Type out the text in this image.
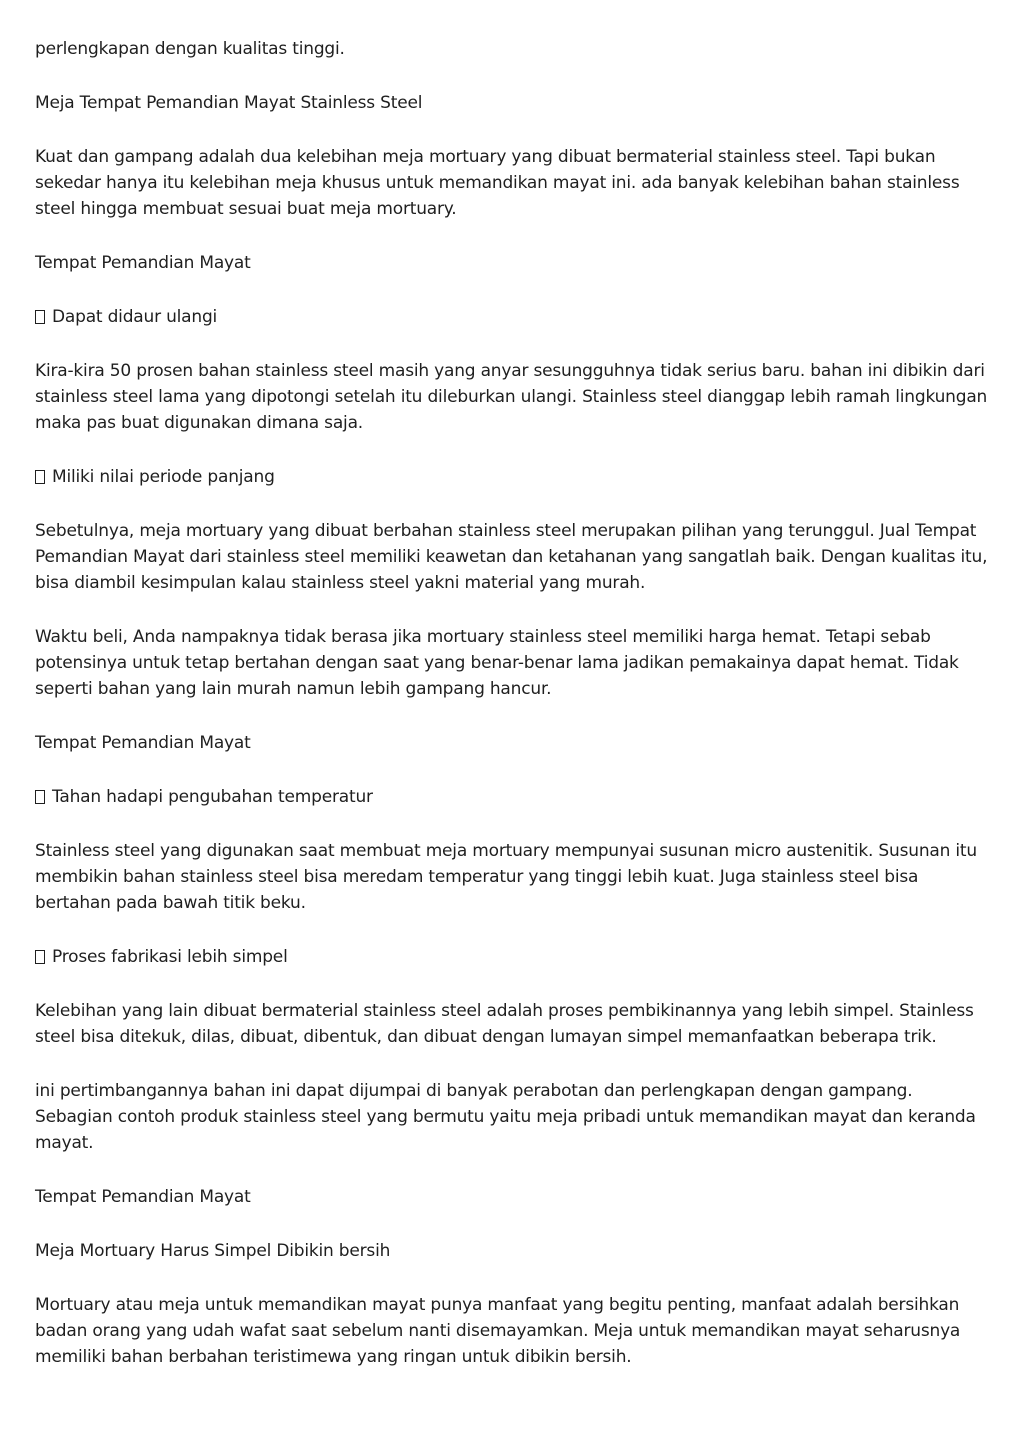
perlengkapan dengan kualitas tinggi.

Meja Tempat Pemandian Mayat Stainless Steel

Kuat dan gampang adalah dua kelebihan meja mortuary yang dibuat bermaterial stainless steel. Tapi bukan sekedar hanya itu kelebihan meja khusus untuk memandikan mayat ini. ada banyak kelebihan bahan stainless steel hingga membuat sesuai buat meja mortuary.

Tempat Pemandian Mayat

Dapat didaur ulangi

Kira-kira 50 prosen bahan stainless steel masih yang anyar sesungguhnya tidak serius baru. bahan ini dibikin dari stainless steel lama yang dipotongi setelah itu dileburkan ulangi. Stainless steel dianggap lebih ramah lingkungan maka pas buat digunakan dimana saja.

Miliki nilai periode panjang

Sebetulnya, meja mortuary yang dibuat berbahan stainless steel merupakan pilihan yang terunggul. Jual Tempat Pemandian Mayat dari stainless steel memiliki keawetan dan ketahanan yang sangatlah baik. Dengan kualitas itu, bisa diambil kesimpulan kalau stainless steel yakni material yang murah.

Waktu beli, Anda nampaknya tidak berasa jika mortuary stainless steel memiliki harga hemat. Tetapi sebab potensinya untuk tetap bertahan dengan saat yang benar-benar lama jadikan pemakainya dapat hemat. Tidak seperti bahan yang lain murah namun lebih gampang hancur.

Tempat Pemandian Mayat

Tahan hadapi pengubahan temperatur

Stainless steel yang digunakan saat membuat meja mortuary mempunyai susunan micro austenitik. Susunan itu membikin bahan stainless steel bisa meredam temperatur yang tinggi lebih kuat. Juga stainless steel bisa bertahan pada bawah titik beku.

Proses fabrikasi lebih simpel

Kelebihan yang lain dibuat bermaterial stainless steel adalah proses pembikinannya yang lebih simpel. Stainless steel bisa ditekuk, dilas, dibuat, dibentuk, dan dibuat dengan lumayan simpel memanfaatkan beberapa trik.

ini pertimbangannya bahan ini dapat dijumpai di banyak perabotan dan perlengkapan dengan gampang. Sebagian contoh produk stainless steel yang bermutu yaitu meja pribadi untuk memandikan mayat dan keranda mayat.

Tempat Pemandian Mayat

Meja Mortuary Harus Simpel Dibikin bersih

Mortuary atau meja untuk memandikan mayat punya manfaat yang begitu penting, manfaat adalah bersihkan badan orang yang udah wafat saat sebelum nanti disemayamkan. Meja untuk memandikan mayat seharusnya memiliki bahan berbahan teristimewa yang ringan untuk dibikin bersih.
